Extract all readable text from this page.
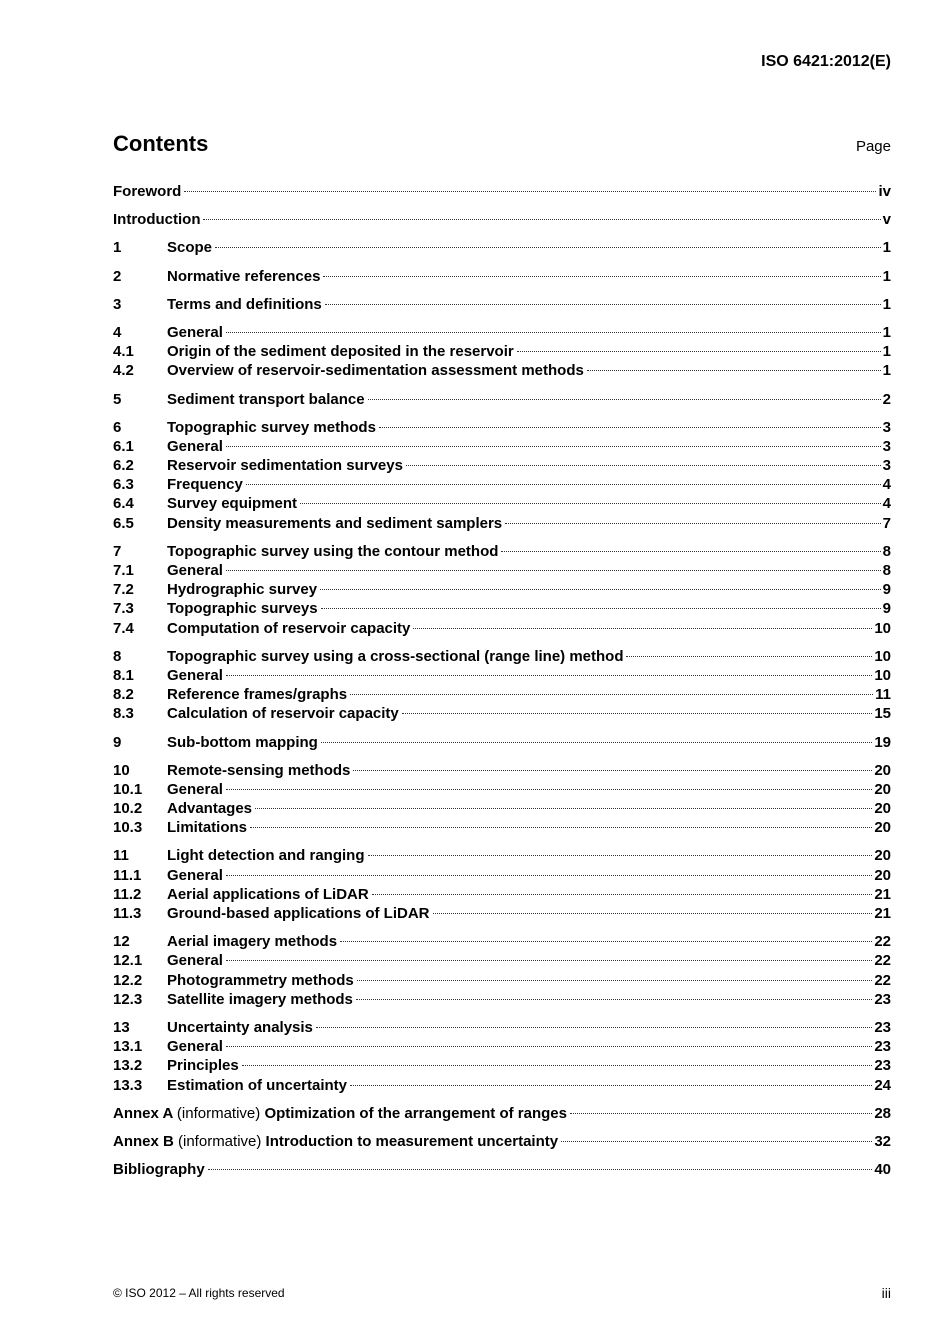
ISO 6421:2012(E)
Contents	Page
Foreword	iv
Introduction	v
1	Scope	1
2	Normative references	1
3	Terms and definitions	1
4	General	1
4.1	Origin of the sediment deposited in the reservoir	1
4.2	Overview of reservoir-sedimentation assessment methods	1
5	Sediment transport balance	2
6	Topographic survey methods	3
6.1	General	3
6.2	Reservoir sedimentation surveys	3
6.3	Frequency	4
6.4	Survey equipment	4
6.5	Density measurements and sediment samplers	7
7	Topographic survey using the contour method	8
7.1	General	8
7.2	Hydrographic survey	9
7.3	Topographic surveys	9
7.4	Computation of reservoir capacity	10
8	Topographic survey using a cross-sectional (range line) method	10
8.1	General	10
8.2	Reference frames/graphs	11
8.3	Calculation of reservoir capacity	15
9	Sub-bottom mapping	19
10	Remote-sensing methods	20
10.1	General	20
10.2	Advantages	20
10.3	Limitations	20
11	Light detection and ranging	20
11.1	General	20
11.2	Aerial applications of LiDAR	21
11.3	Ground-based applications of LiDAR	21
12	Aerial imagery methods	22
12.1	General	22
12.2	Photogrammetry methods	22
12.3	Satellite imagery methods	23
13	Uncertainty analysis	23
13.1	General	23
13.2	Principles	23
13.3	Estimation of uncertainty	24
Annex A (informative) Optimization of the arrangement of ranges	28
Annex B (informative) Introduction to measurement uncertainty	32
Bibliography	40
© ISO 2012 – All rights reserved	iii
